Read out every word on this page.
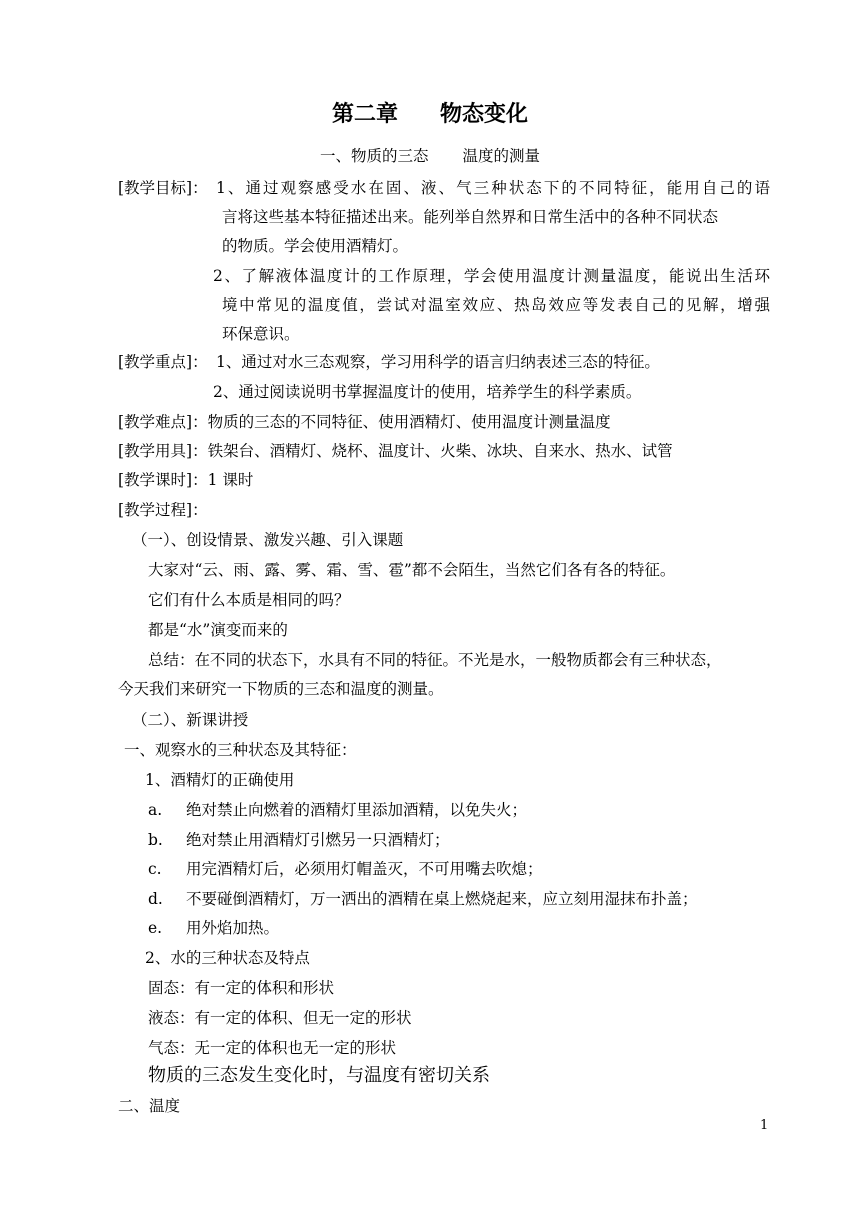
第二章 物态变化
一、物质的三态 温度的测量
[教学目标]： 1、通过观察感受水在固、液、气三种状态下的不同特征，能用自己的语
言将这些基本特征描述出来。能列举自然界和日常生活中的各种不同状态
的物质。学会使用酒精灯。
2、了解液体温度计的工作原理，学会使用温度计测量温度，能说出生活环
境中常见的温度值，尝试对温室效应、热岛效应等发表自己的见解，增强
环保意识。
[教学重点]： 1、通过对水三态观察，学习用科学的语言归纳表述三态的特征。
2、通过阅读说明书掌握温度计的使用，培养学生的科学素质。
[教学难点]：物质的三态的不同特征、使用酒精灯、使用温度计测量温度
[教学用具]：铁架台、酒精灯、烧杯、温度计、火柴、冰块、自来水、热水、试管
[教学课时]：1 课时
[教学过程]：
（一）、创设情景、激发兴趣、引入课题
大家对“云、雨、露、雾、霜、雪、雹”都不会陌生，当然它们各有各的特征。
它们有什么本质是相同的吗？
都是“水”演变而来的
总结：在不同的状态下，水具有不同的特征。不光是水，一般物质都会有三种状态，
今天我们来研究一下物质的三态和温度的测量。
（二）、新课讲授
一、观察水的三种状态及其特征：
1、酒精灯的正确使用
a. 绝对禁止向燃着的酒精灯里添加酒精，以免失火；
b. 绝对禁止用酒精灯引燃另一只酒精灯；
c. 用完酒精灯后，必须用灯帽盖灭，不可用嘴去吹熄；
d. 不要碰倒酒精灯，万一洒出的酒精在桌上燃烧起来，应立刻用湿抹布扑盖；
e. 用外焰加热。
2、水的三种状态及特点
固态：有一定的体积和形状
液态：有一定的体积、但无一定的形状
气态：无一定的体积也无一定的形状
物质的三态发生变化时，与温度有密切关系
二、温度
1
